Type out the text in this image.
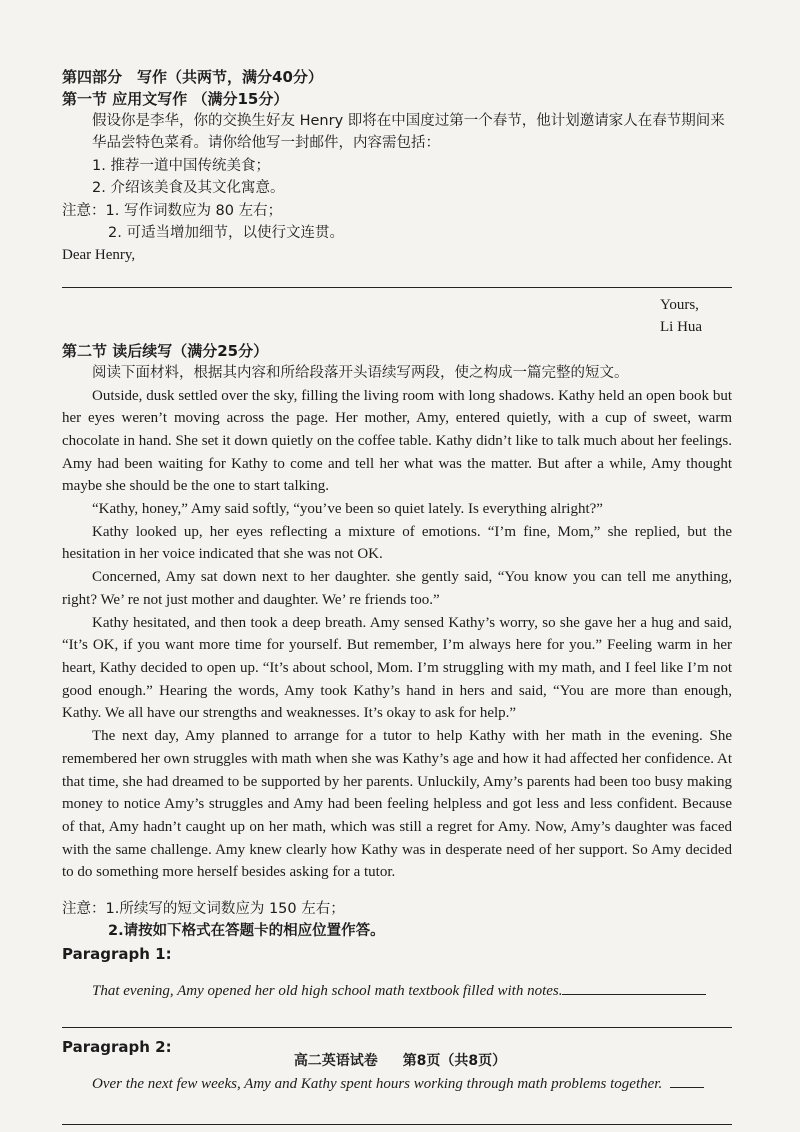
第四部分　写作（共两节，满分40分）

第一节 应用文写作 （满分15分）

假设你是李华，你的交换生好友 Henry 即将在中国度过第一个春节，他计划邀请家人在春节期间来华品尝特色菜肴。请你给他写一封邮件，内容需包括：

1. 推荐一道中国传统美食；

2. 介绍该美食及其文化寓意。

注意：1. 写作词数应为 80 左右；

2. 可适当增加细节，以使行文连贯。

Dear Henry,

Yours,
Li Hua

第二节 读后续写（满分25分）

阅读下面材料，根据其内容和所给段落开头语续写两段，使之构成一篇完整的短文。

Outside, dusk settled over the sky, filling the living room with long shadows. Kathy held an open book but her eyes weren’t moving across the page. Her mother, Amy, entered quietly, with a cup of sweet, warm chocolate in hand. She set it down quietly on the coffee table. Kathy didn’t like to talk much about her feelings. Amy had been waiting for Kathy to come and tell her what was the matter. But after a while, Amy thought maybe she should be the one to start talking.

“Kathy, honey,” Amy said softly, “you’ve been so quiet lately. Is everything alright?”

Kathy looked up, her eyes reflecting a mixture of emotions. “I’m fine, Mom,” she replied, but the hesitation in her voice indicated that she was not OK.

Concerned, Amy sat down next to her daughter. she gently said, “You know you can tell me anything, right? We’ re not just mother and daughter. We’ re friends too.”

Kathy hesitated, and then took a deep breath. Amy sensed Kathy’s worry, so she gave her a hug and said, “It’s OK, if you want more time for yourself. But remember, I’m always here for you.” Feeling warm in her heart, Kathy decided to open up. “It’s about school, Mom. I’m struggling with my math, and I feel like I’m not good enough.” Hearing the words, Amy took Kathy’s hand in hers and said, “You are more than enough, Kathy. We all have our strengths and weaknesses. It’s okay to ask for help.”

The next day, Amy planned to arrange for a tutor to help Kathy with her math in the evening. She remembered her own struggles with math when she was Kathy’s age and how it had affected her confidence. At that time, she had dreamed to be supported by her parents. Unluckily, Amy’s parents had been too busy making money to notice Amy’s struggles and Amy had been feeling helpless and got less and less confident. Because of that, Amy hadn’t caught up on her math, which was still a regret for Amy. Now, Amy’s daughter was faced with the same challenge. Amy knew clearly how Kathy was in desperate need of her support. So Amy decided to do something more herself besides asking for a tutor.

注意：1.所续写的短文词数应为 150 左右；

2.请按如下格式在答题卡的相应位置作答。

Paragraph 1:

That evening, Amy opened her old high school math textbook filled with notes.

Paragraph 2:

Over the next few weeks, Amy and Kathy spent hours working through math problems together.

高二英语试卷 第8页（共8页）
